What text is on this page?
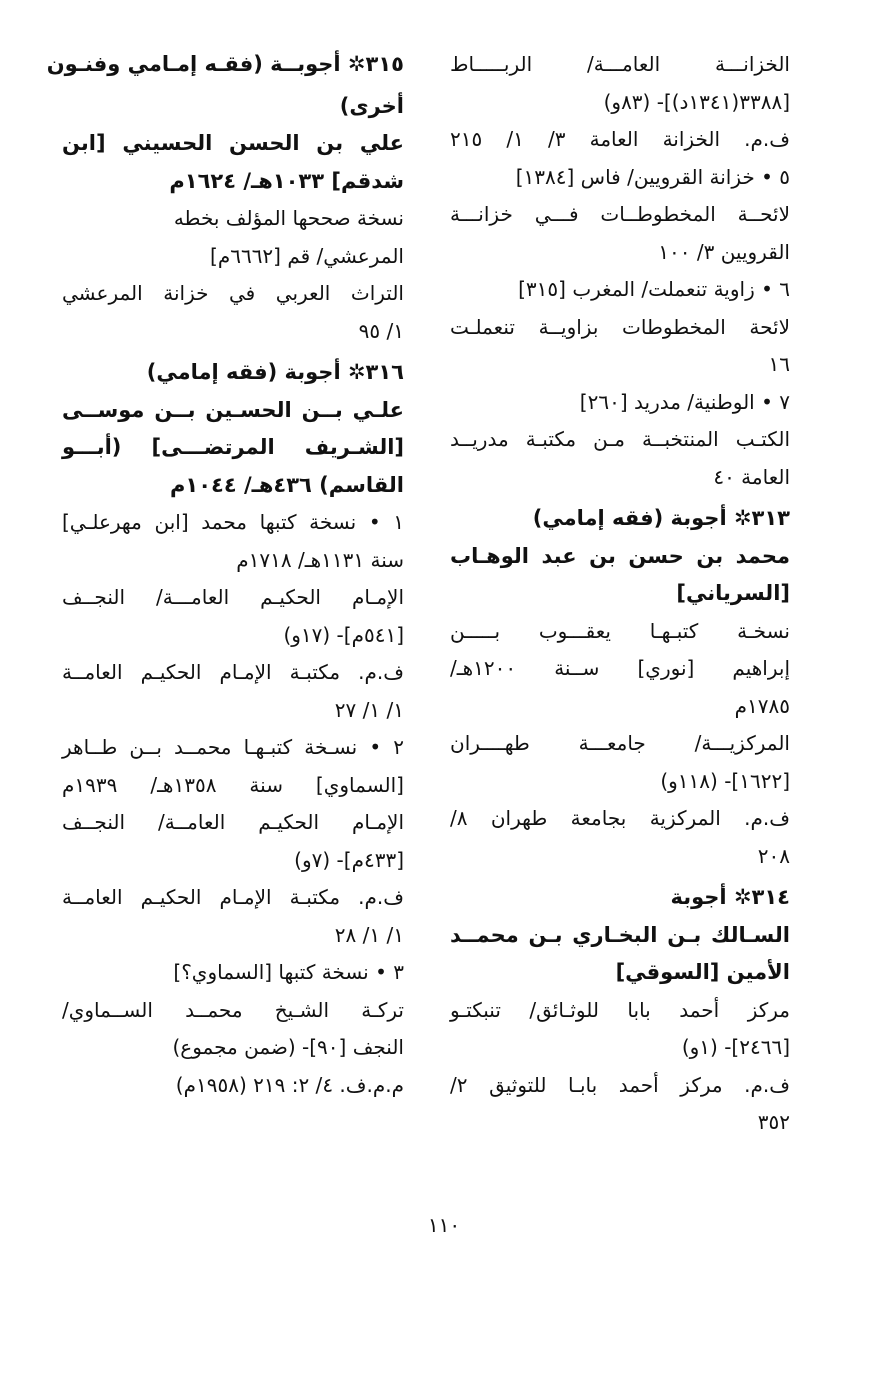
الخزانـــة العامـــة/ الربـــــاط
[٣٣٨٨(١٣٤١د)]- (٨٣و)
ف.م. الخزانة العامة ٣/ ١/ ٢١٥
٥ • خزانة القرويين/ فاس [١٣٨٤]
لائحــة المخطوطــات فـــي خزانـــة
القرويين ٣/ ١٠٠
٦ • زاوية تنعملت/ المغرب [٣١٥]
لائحة المخطوطات بزاويــة تنعملـت
١٦
٧ • الوطنية/ مدريد [٢٦٠]
الكتـب المنتخبــة مـن مكتبـة مدريــد
العامة ٤٠
٣١٣✲ أجوبة (فقه إمامي)
محمد بن حسن بن عبد الوهـاب
[السرياني]
نسخـة كتبـهـا يعقـــوب بـــــن
إبراهيم [نوري] ســنة ١٢٠٠هـ/
١٧٨٥م
المركزيـــة/ جامعـــة طهــــران
[١٦٢٢]- (١١٨و)
ف.م. المركزية بجامعة طهران ٨/
٢٠٨
٣١٤✲ أجوبة
السـالك بـن البخـاري بـن محمــد
الأمين [السوقي]
مركز أحمد بابا للوثـائق/ تنبكتـو
[٢٤٦٦]- (١و)
ف.م. مركز أحمد بابـا للتوثيق ٢/
٣٥٢
٣١٥✲ أجوبــة (فقـه إمـامي وفنـون
أخرى)
علي بن الحسن الحسيني [ابن
شدقم] ١٠٣٣هـ/ ١٦٢٤م
نسخة صححها المؤلف بخطه
المرعشي/ قم [٦٦٦٢م]
التراث العربي في خزانة المرعشي
١/ ٩٥
٣١٦✲ أجوبة (فقه إمامي)
علـي بــن الحسـين بــن موســى
[الشـريف المرتضـــى] (أبـــو
القاسم) ٤٣٦هـ/ ١٠٤٤م
١ • نسخة كتبها محمد [ابن مهرعلـي]
سنة ١١٣١هـ/ ١٧١٨م
الإمـام الحكيـم العامـــة/ النجــف
[٥٤١م]- (١٧و)
ف.م. مكتبـة الإمـام الحكيـم العامــة
١/ ١/ ٢٧
٢ • نسـخة كتبـهـا محمــد بــن طــاهر
[السماوي] سنة ١٣٥٨هـ/ ١٩٣٩م
الإمـام الحكيـم العامــة/ النجــف
[٤٣٣م]- (٧و)
ف.م. مكتبـة الإمـام الحكيـم العامــة
١/ ١/ ٢٨
٣ • نسخة كتبها [السماوي؟]
تركـة الشـيخ محمــد الســماوي/
النجف [٩٠]- (ضمن مجموع)
م.م.ف. ٤/ ٢: ٢١٩ (١٩٥٨م)
١١٠
